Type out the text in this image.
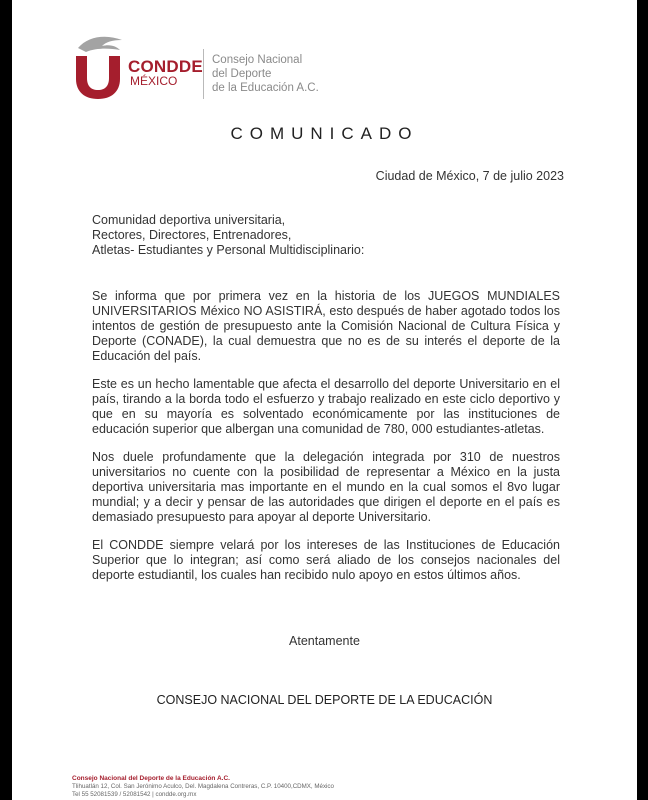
CONDDE
MÉXICO
Consejo Nacional
del Deporte
de la Educación A.C.
COMUNICADO
Ciudad de México, 7 de julio 2023
Comunidad deportiva universitaria,
Rectores, Directores, Entrenadores,
Atletas- Estudiantes y Personal Multidisciplinario:

Se informa que por primera vez en la historia de los JUEGOS MUNDIALES UNIVERSITARIOS México NO ASISTIRÁ, esto después de haber agotado todos los intentos de gestión de presupuesto ante la Comisión Nacional de Cultura Física y Deporte (CONADE), la cual demuestra que no es de su interés el deporte de la Educación del país.

Este es un hecho lamentable que afecta el desarrollo del deporte Universitario en el país, tirando a la borda todo el esfuerzo y trabajo realizado en este ciclo deportivo y que en su mayoría es solventado económicamente por las instituciones de educación superior que albergan una comunidad de 780, 000 estudiantes-atletas.

Nos duele profundamente que la delegación integrada por 310 de nuestros universitarios no cuente con la posibilidad de representar a México en la justa deportiva universitaria mas importante en el mundo en la cual somos el 8vo lugar mundial; y a decir y pensar de las autoridades que dirigen el deporte en el país es demasiado presupuesto para apoyar al deporte Universitario.

El CONDDE siempre velará por los intereses de las Instituciones de Educación Superior que lo integran; así como será aliado de los consejos nacionales del deporte estudiantil, los cuales han recibido nulo apoyo en estos últimos años.

Atentamente
CONSEJO NACIONAL DEL DEPORTE DE LA EDUCACIÓN
Consejo Nacional del Deporte de la Educación A.C.
Tlihuatlán 12, Col. San Jerónimo Aculco, Del. Magdalena Contreras, C.P. 10400,CDMX, México
Tel 55 52081539 / 52081542 | condde.org.mx
